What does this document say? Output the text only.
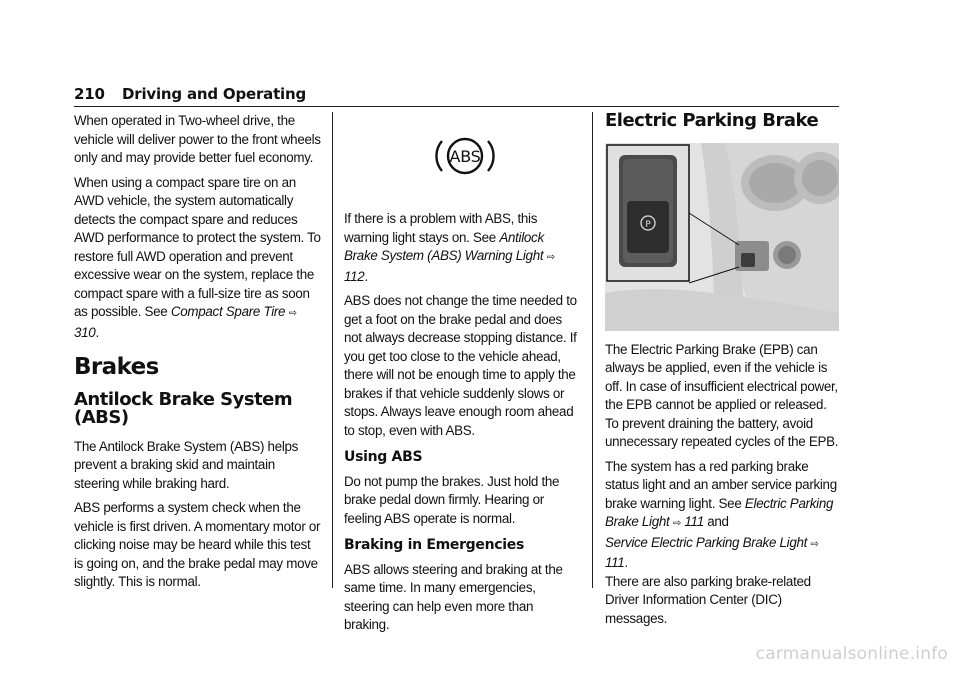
210 Driving and Operating

When operated in Two-wheel drive, the vehicle will deliver power to the front wheels only and may provide better fuel economy.

When using a compact spare tire on an AWD vehicle, the system automatically detects the compact spare and reduces AWD performance to protect the system. To restore full AWD operation and prevent excessive wear on the system, replace the compact spare with a full-size tire as soon as possible. See Compact Spare Tire ⇨ 310.

Brakes
Antilock Brake System (ABS)

The Antilock Brake System (ABS) helps prevent a braking skid and maintain steering while braking hard.

ABS performs a system check when the vehicle is first driven. A momentary motor or clicking noise may be heard while this test is going on, and the brake pedal may move slightly. This is normal.

ABS

If there is a problem with ABS, this warning light stays on. See Antilock Brake System (ABS) Warning Light ⇨ 112.

ABS does not change the time needed to get a foot on the brake pedal and does not always decrease stopping distance. If you get too close to the vehicle ahead, there will not be enough time to apply the brakes if that vehicle suddenly slows or stops. Always leave enough room ahead to stop, even with ABS.

Using ABS

Do not pump the brakes. Just hold the brake pedal down firmly. Hearing or feeling ABS operate is normal.

Braking in Emergencies

ABS allows steering and braking at the same time. In many emergencies, steering can help even more than braking.

Electric Parking Brake
P

The Electric Parking Brake (EPB) can always be applied, even if the vehicle is off. In case of insufficient electrical power, the EPB cannot be applied or released. To prevent draining the battery, avoid unnecessary repeated cycles of the EPB.

The system has a red parking brake status light and an amber service parking brake warning light. See Electric Parking Brake Light ⇨ 111 and
Service Electric Parking Brake Light ⇨ 111.
There are also parking brake-related Driver Information Center (DIC) messages.

carmanualsonline.info
